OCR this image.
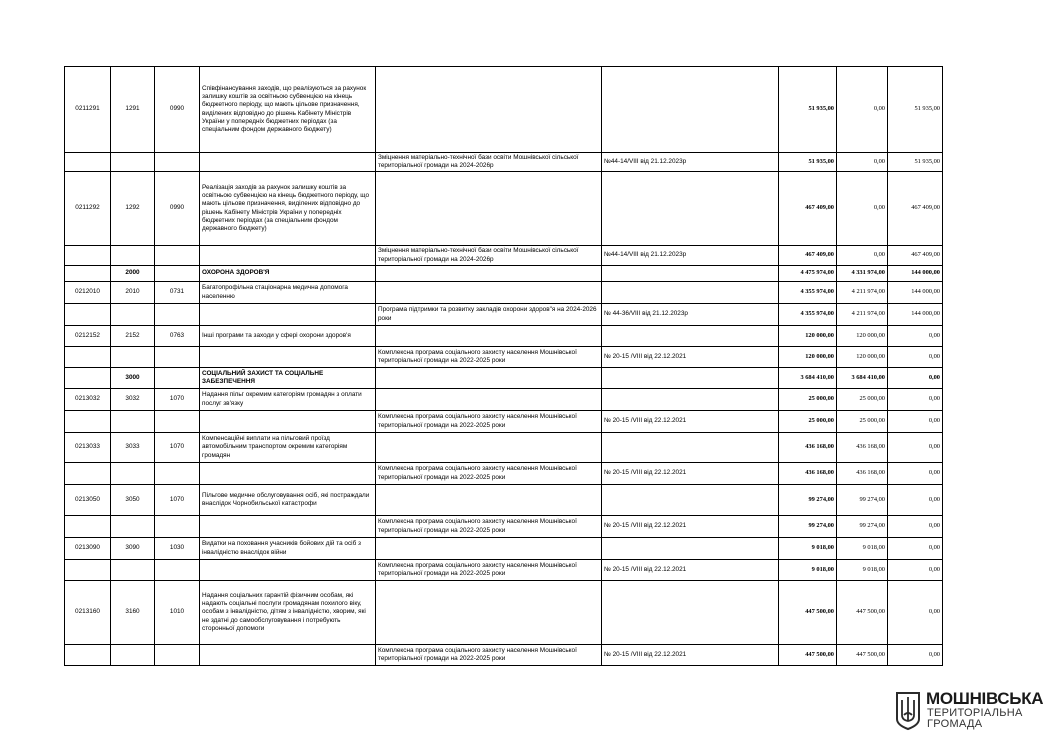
0211291	1291	0990	Співфінансування заходів, що реалізуються за рахунок залишку коштів за освітньою субвенцією на кінець бюджетного періоду, що мають цільове призначення, виділених відповідно до рішень Кабінету Міністрів України у попередніх бюджетних періодах (за спеціальним фондом державного бюджету)			51 935,00	0,00	51 935,00
				Зміцнення матеріально-технічної бази освіти Мошнівської сільської територіальної громади на 2024-2026р	№44-14/VIII від 21.12.2023р	51 935,00	0,00	51 935,00
0211292	1292	0990	Реалізація заходів за рахунок залишку коштів за освітньою субвенцією на кінець бюджетного періоду, що мають цільове призначення, виділених відповідно до рішень Кабінету Міністрів України у попередніх бюджетних періодах (за спеціальним фондом державного бюджету)			467 409,00	0,00	467 409,00
				Зміцнення матеріально-технічної бази освіти Мошнівської сільської територіальної громади на 2024-2026р	№44-14/VIII від 21.12.2023р	467 409,00	0,00	467 409,00
	2000		ОХОРОНА ЗДОРОВ'Я			4 475 974,00	4 331 974,00	144 000,00
0212010	2010	0731	Багатопрофільна стаціонарна медична допомога населенню			4 355 974,00	4 211 974,00	144 000,00
				Програма підтримки та розвитку закладів охорони здоров"я на 2024-2026 роки	№ 44-36/VIII від 21.12.2023р	4 355 974,00	4 211 974,00	144 000,00
0212152	2152	0763	Інші програми та заходи у сфері охорони здоров'я			120 000,00	120 000,00	0,00
				Комплексна програма соціального захисту населення Мошнівської територіальної громади на 2022-2025 роки	№ 20-15 /VIII від 22.12.2021	120 000,00	120 000,00	0,00
	3000		СОЦІАЛЬНИЙ ЗАХИСТ ТА СОЦІАЛЬНЕ ЗАБЕЗПЕЧЕННЯ			3 684 410,00	3 684 410,00	0,00
0213032	3032	1070	Надання пільг окремим категоріям громадян з оплати послуг зв'язку			25 000,00	25 000,00	0,00
				Комплексна програма соціального захисту населення Мошнівської територіальної громади на 2022-2025 роки	№ 20-15 /VIII від 22.12.2021	25 000,00	25 000,00	0,00
0213033	3033	1070	Компенсаційні виплати на пільговий проїзд автомобільним транспортом окремим категоріям громадян			436 168,00	436 168,00	0,00
				Комплексна програма соціального захисту населення Мошнівської територіальної громади на 2022-2025 роки	№ 20-15 /VIII від 22.12.2021	436 168,00	436 168,00	0,00
0213050	3050	1070	Пільгове медичне обслуговування осіб, які постраждали внаслідок Чорнобильської катастрофи			99 274,00	99 274,00	0,00
				Комплексна програма соціального захисту населення Мошнівської територіальної громади на 2022-2025 роки	№ 20-15 /VIII від 22.12.2021	99 274,00	99 274,00	0,00
0213090	3090	1030	Видатки на поховання учасників бойових дій та осіб з інвалідністю внаслідок війни			9 018,00	9 018,00	0,00
				Комплексна програма соціального захисту населення Мошнівської територіальної громади на 2022-2025 роки	№ 20-15 /VIII від 22.12.2021	9 018,00	9 018,00	0,00
0213160	3160	1010	Надання соціальних гарантій фізичним особам, які надають соціальні послуги громадянам похилого віку, особам з інвалідністю, дітям з інвалідністю, хворим, які не здатні до самообслуговування і потребують сторонньої допомоги			447 500,00	447 500,00	0,00
				Комплексна програма соціального захисту населення Мошнівської територіальної громади на 2022-2025 роки	№ 20-15 /VIII від 22.12.2021	447 500,00	447 500,00	0,00
МОШНІВСЬКА
ТЕРИТОРІАЛЬНА
ГРОМАДА
